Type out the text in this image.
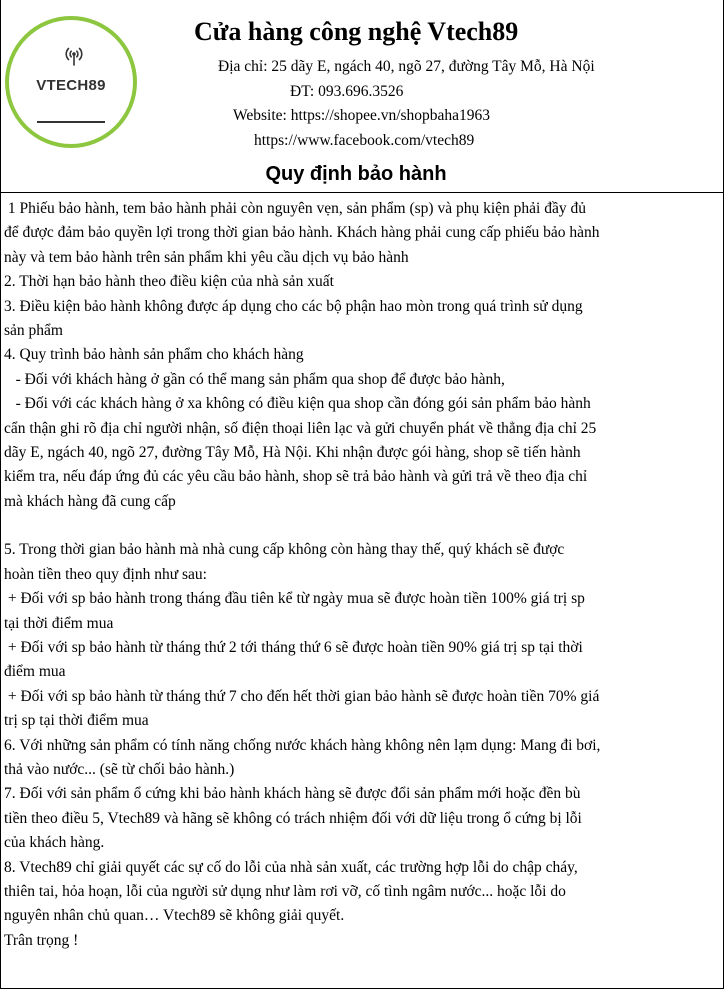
VTECH89
Cửa hàng công nghệ Vtech89
Địa chỉ: 25 dãy E, ngách 40, ngõ 27, đường Tây Mỗ, Hà Nội
ĐT: 093.696.3526
Website: https://shopee.vn/shopbaha1963
https://www.facebook.com/vtech89
Quy định bảo hành
1 Phiếu bảo hành, tem bảo hành phải còn nguyên vẹn, sản phẩm (sp) và phụ kiện phải đầy đủ
để được đảm bảo quyền lợi trong thời gian bảo hành. Khách hàng phải cung cấp phiếu bảo hành
này và tem bảo hành trên sản phẩm khi yêu cầu dịch vụ bảo hành
2. Thời hạn bảo hành theo điều kiện của nhà sản xuất
3. Điều kiện bảo hành không được áp dụng cho các bộ phận hao mòn trong quá trình sử dụng
sản phẩm
4. Quy trình bảo hành sản phẩm cho khách hàng
- Đối với khách hàng ở gần có thể mang sản phẩm qua shop để được bảo hành,
- Đối với các khách hàng ở xa không có điều kiện qua shop cần đóng gói sản phẩm bảo hành
cẩn thận ghi rõ địa chỉ người nhận, số điện thoại liên lạc và gửi chuyển phát về thẳng địa chỉ 25
dãy E, ngách 40, ngõ 27, đường Tây Mỗ, Hà Nội. Khi nhận được gói hàng, shop sẽ tiến hành
kiểm tra, nếu đáp ứng đủ các yêu cầu bảo hành, shop sẽ trả bảo hành và gửi trả về theo địa chỉ
mà khách hàng đã cung cấp
5. Trong thời gian bảo hành mà nhà cung cấp không còn hàng thay thế, quý khách sẽ được
hoàn tiền theo quy định như sau:
+ Đối với sp bảo hành trong tháng đầu tiên kể từ ngày mua sẽ được hoàn tiền 100% giá trị sp
tại thời điểm mua
+ Đối với sp bảo hành từ tháng thứ 2 tới tháng thứ 6 sẽ được hoàn tiền 90% giá trị sp tại thời
điểm mua
+ Đối với sp bảo hành từ tháng thứ 7 cho đến hết thời gian bảo hành sẽ được hoàn tiền 70% giá
trị sp tại thời điểm mua
6. Với những sản phẩm có tính năng chống nước khách hàng không nên lạm dụng: Mang đi bơi,
thả vào nước... (sẽ từ chối bảo hành.)
7. Đối với sản phẩm ổ cứng khi bảo hành khách hàng sẽ được đổi sản phẩm mới hoặc đền bù
tiền theo điều 5, Vtech89 và hãng sẽ không có trách nhiệm đối với dữ liệu trong ổ cứng bị lỗi
của khách hàng.
8. Vtech89 chỉ giải quyết các sự cố do lỗi của nhà sản xuất, các trường hợp lỗi do chập cháy,
thiên tai, hỏa hoạn, lỗi của người sử dụng như làm rơi vỡ, cố tình ngâm nước... hoặc lỗi do
nguyên nhân chủ quan… Vtech89 sẽ không giải quyết.
Trân trọng !
